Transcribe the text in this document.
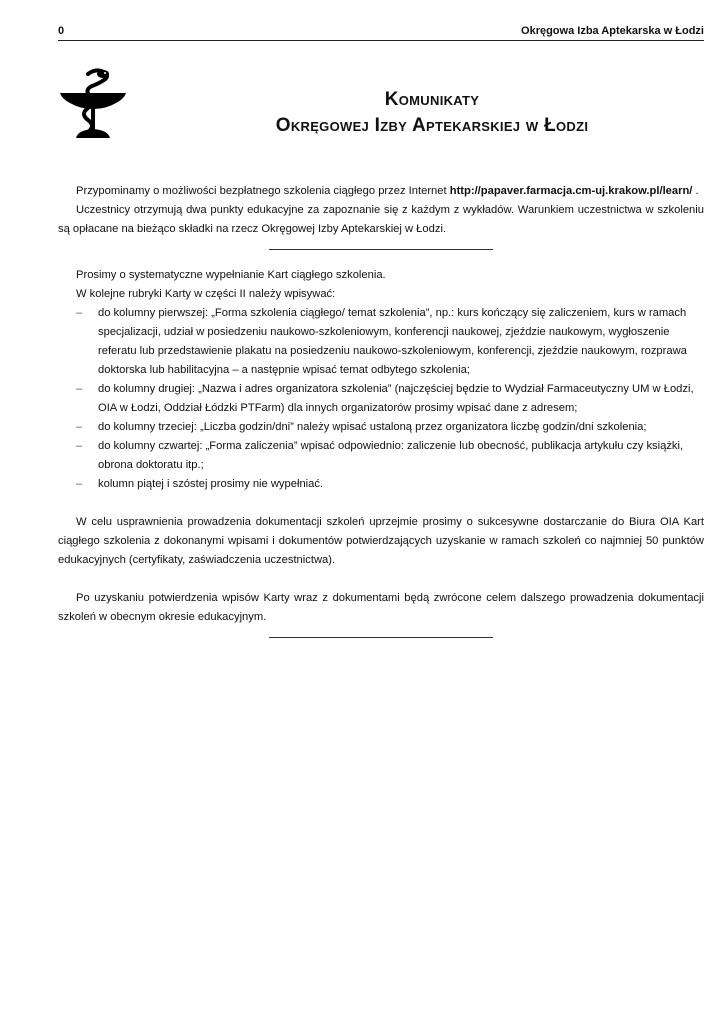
0	Okręgowa Izba Aptekarska w Łodzi
Komunikaty
Okręgowej Izby Aptekarskiej w Łodzi

Przypominamy o możliwości bezpłatnego szkolenia ciągłego przez Internet http://papaver.farmacja.cm-uj.krakow.pl/learn/ .

Uczestnicy otrzymują dwa punkty edukacyjne za zapoznanie się z każdym z wykładów. Warunkiem uczestnictwa w szkoleniu są opłacane na bieżąco składki na rzecz Okręgowej Izby Aptekarskiej w Łodzi.

Prosimy o systematyczne wypełnianie Kart ciągłego szkolenia.

W kolejne rubryki Karty w części II należy wpisywać:

– do kolumny pierwszej: „Forma szkolenia ciągłego/ temat szkolenia”, np.: kurs kończący się zaliczeniem, kurs w ramach specjalizacji, udział w posiedzeniu naukowo-szkoleniowym, konferencji naukowej, zjeździe naukowym, wygłoszenie referatu lub przedstawienie plakatu na posiedzeniu naukowo-szkoleniowym, konferencji, zjeździe naukowym, rozprawa doktorska lub habilitacyjna – a następnie wpisać temat odbytego szkolenia;
– do kolumny drugiej: „Nazwa i adres organizatora szkolenia” (najczęściej będzie to Wydział Farmaceutyczny UM w Łodzi, OIA w Łodzi, Oddział Łódzki PTFarm) dla innych organizatorów prosimy wpisać dane z adresem;
– do kolumny trzeciej: „Liczba godzin/dni” należy wpisać ustaloną przez organizatora liczbę godzin/dni szkolenia;
– do kolumny czwartej: „Forma zaliczenia” wpisać odpowiednio: zaliczenie lub obecność, publikacja artykułu czy książki, obrona doktoratu itp.;
– kolumn piątej i szóstej prosimy nie wypełniać.

W celu usprawnienia prowadzenia dokumentacji szkoleń uprzejmie prosimy o sukcesywne dostarczanie do Biura OIA Kart ciągłego szkolenia z dokonanymi wpisami i dokumentów potwierdzających uzyskanie w ramach szkoleń co najmniej 50 punktów edukacyjnych (certyfikaty, zaświadczenia uczestnictwa).

Po uzyskaniu potwierdzenia wpisów Karty wraz z dokumentami będą zwrócone celem dalszego prowadzenia dokumentacji szkoleń w obecnym okresie edukacyjnym.
